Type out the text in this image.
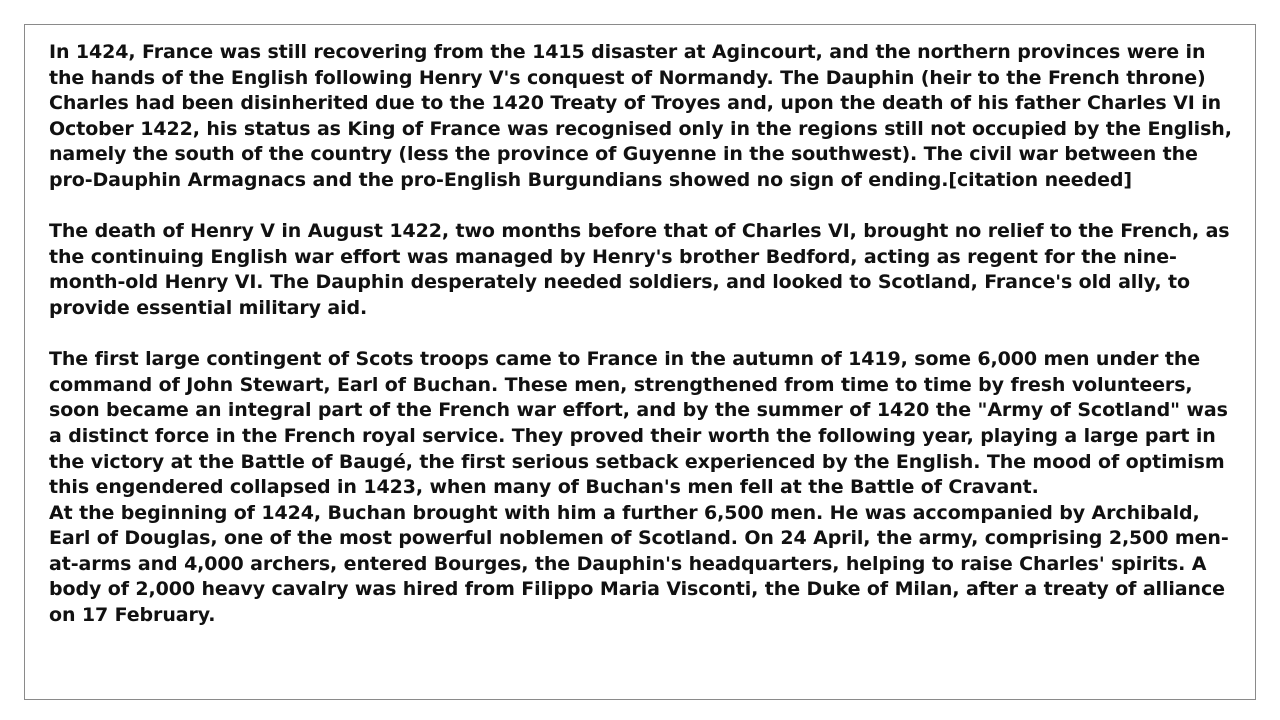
In 1424, France was still recovering from the 1415 disaster at Agincourt, and the northern provinces were in the hands of the English following Henry V's conquest of Normandy. The Dauphin (heir to the French throne) Charles had been disinherited due to the 1420 Treaty of Troyes and, upon the death of his father Charles VI in October 1422, his status as King of France was recognised only in the regions still not occupied by the English, namely the south of the country (less the province of Guyenne in the southwest). The civil war between the pro-Dauphin Armagnacs and the pro-English Burgundians showed no sign of ending.[citation needed]

The death of Henry V in August 1422, two months before that of Charles VI, brought no relief to the French, as the continuing English war effort was managed by Henry's brother Bedford, acting as regent for the nine-month-old Henry VI. The Dauphin desperately needed soldiers, and looked to Scotland, France's old ally, to provide essential military aid.

The first large contingent of Scots troops came to France in the autumn of 1419, some 6,000 men under the command of John Stewart, Earl of Buchan. These men, strengthened from time to time by fresh volunteers, soon became an integral part of the French war effort, and by the summer of 1420 the "Army of Scotland" was a distinct force in the French royal service. They proved their worth the following year, playing a large part in the victory at the Battle of Baugé, the first serious setback experienced by the English. The mood of optimism this engendered collapsed in 1423, when many of Buchan's men fell at the Battle of Cravant.

At the beginning of 1424, Buchan brought with him a further 6,500 men. He was accompanied by Archibald, Earl of Douglas, one of the most powerful noblemen of Scotland. On 24 April, the army, comprising 2,500 men-at-arms and 4,000 archers, entered Bourges, the Dauphin's headquarters, helping to raise Charles' spirits. A body of 2,000 heavy cavalry was hired from Filippo Maria Visconti, the Duke of Milan, after a treaty of alliance on 17 February.
